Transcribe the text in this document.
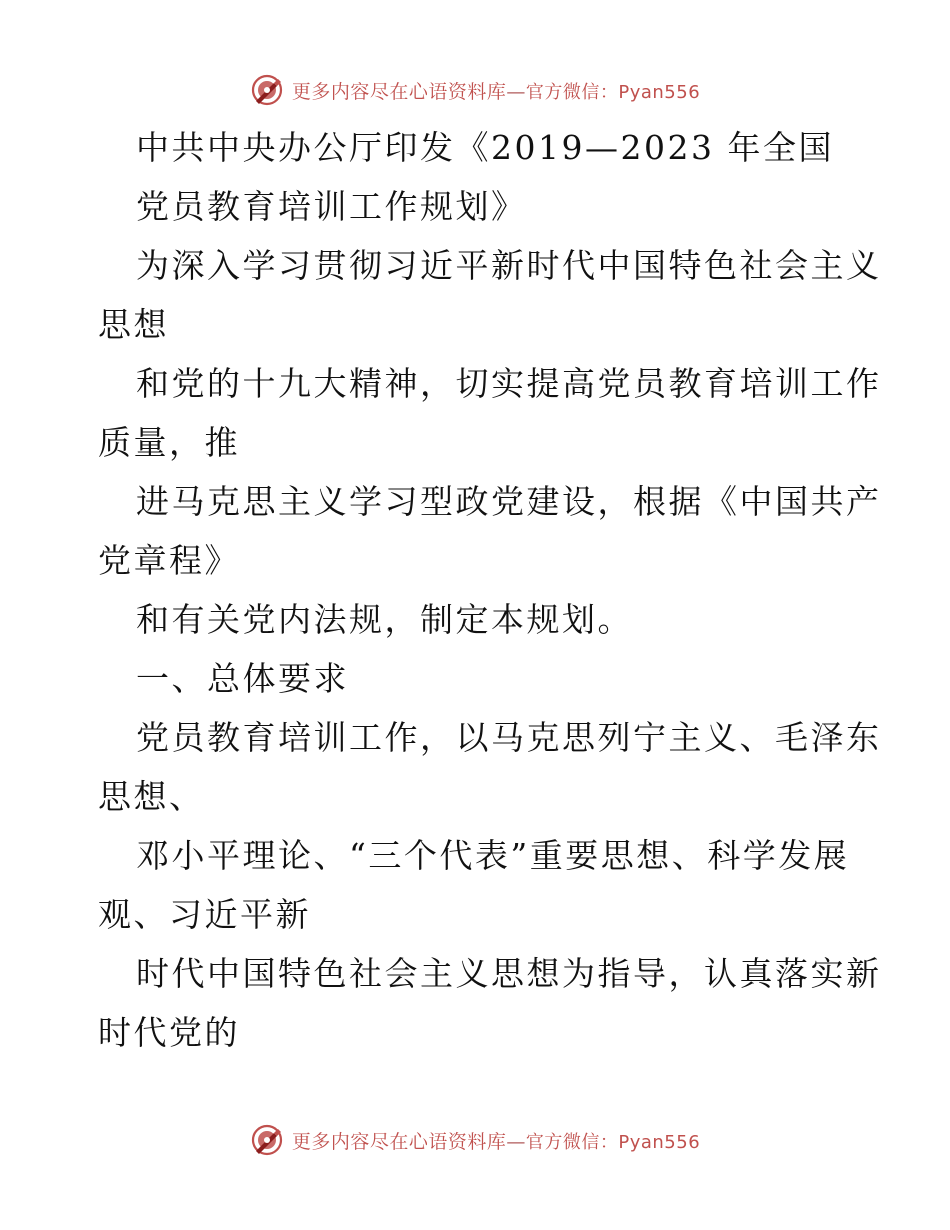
更多内容尽在心语资料库—官方微信：Pyan556
中共中央办公厅印发《2019—2023 年全国
党员教育培训工作规划》
为深入学习贯彻习近平新时代中国特色社会主义
思想
和党的十九大精神，切实提高党员教育培训工作
质量，推
进马克思主义学习型政党建设，根据《中国共产
党章程》
和有关党内法规，制定本规划。
一、总体要求
党员教育培训工作，以马克思列宁主义、毛泽东
思想、
邓小平理论、“三个代表”重要思想、科学发展
观、习近平新
时代中国特色社会主义思想为指导，认真落实新
时代党的
更多内容尽在心语资料库—官方微信：Pyan556
